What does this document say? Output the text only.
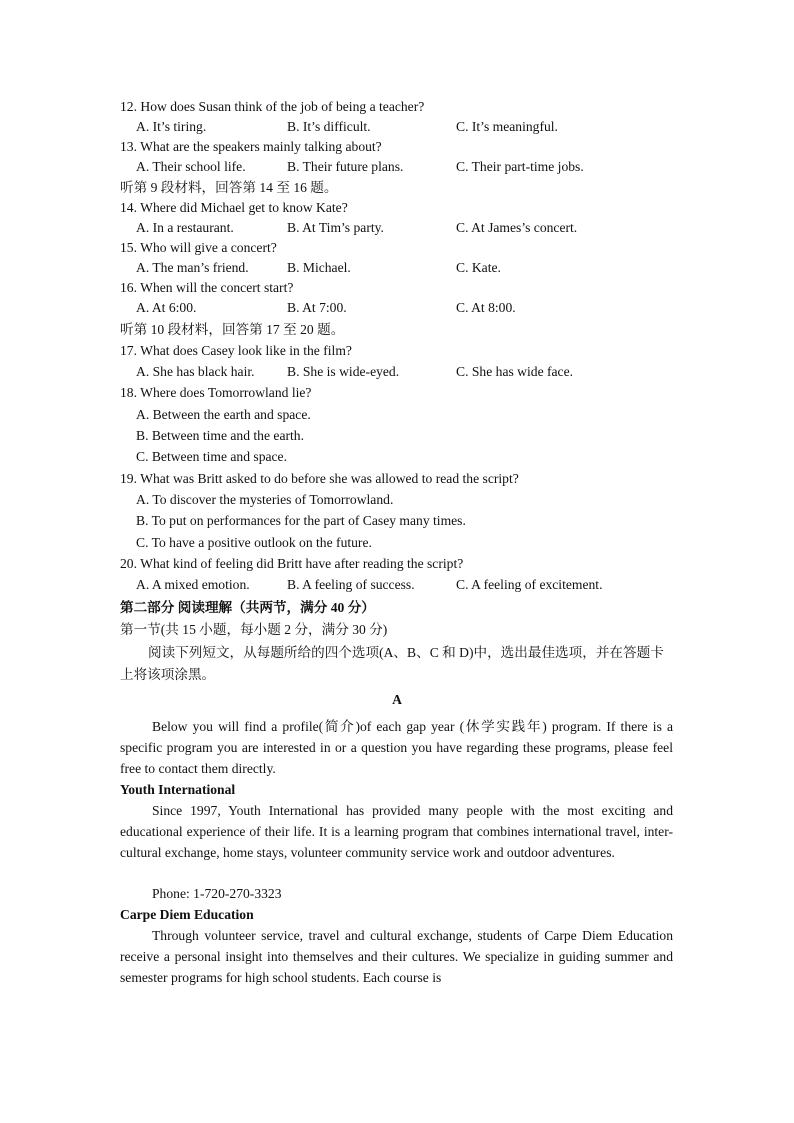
12. How does Susan think of the job of being a teacher?
A. It’s tiring.	B. It’s difficult.	C. It’s meaningful.
13. What are the speakers mainly talking about?
A. Their school life.	B. Their future plans.	C. Their part-time jobs.
听第 9 段材料，回答第 14 至 16 题。
14. Where did Michael get to know Kate?
A. In a restaurant.	B. At Tim’s party.	C. At James’s concert.
15. Who will give a concert?
A. The man’s friend.	B. Michael.	C. Kate.
16. When will the concert start?
A. At 6:00.	B. At 7:00.	C. At 8:00.
听第 10 段材料，回答第 17 至 20 题。
17. What does Casey look like in the film?
A. She has black hair. B. She is wide-eyed.	C. She has wide face.
18. Where does Tomorrowland lie?
A. Between the earth and space.
B. Between time and the earth.
C. Between time and space.
19. What was Britt asked to do before she was allowed to read the script?
A. To discover the mysteries of Tomorrowland.
B. To put on performances for the part of Casey many times.
C. To have a positive outlook on the future.
20. What kind of feeling did Britt have after reading the script?
A. A mixed emotion.	B. A feeling of success.	C. A feeling of excitement.
第二部分 阅读理解（共两节，满分 40 分）
第一节(共 15 小题，每小题 2 分，满分 30 分)
阅读下列短文，从每题所给的四个选项(A、B、C 和 D)中，选出最佳选项，并在答题卡
上将该项涂黑。
A
Below you will find a profile(简介)of each gap year (休学实践年) program. If there is a specific program you are interested in or a question you have regarding these programs, please feel free to contact them directly.
Youth International
Since 1997, Youth International has provided many people with the most exciting and educational experience of their life. It is a learning program that combines international travel, inter-cultural exchange, home stays, volunteer community service work and outdoor adventures.
Phone: 1-720-270-3323
Carpe Diem Education
Through volunteer service, travel and cultural exchange, students of Carpe Diem Education receive a personal insight into themselves and their cultures. We specialize in guiding summer and semester programs for high school students. Each course is
